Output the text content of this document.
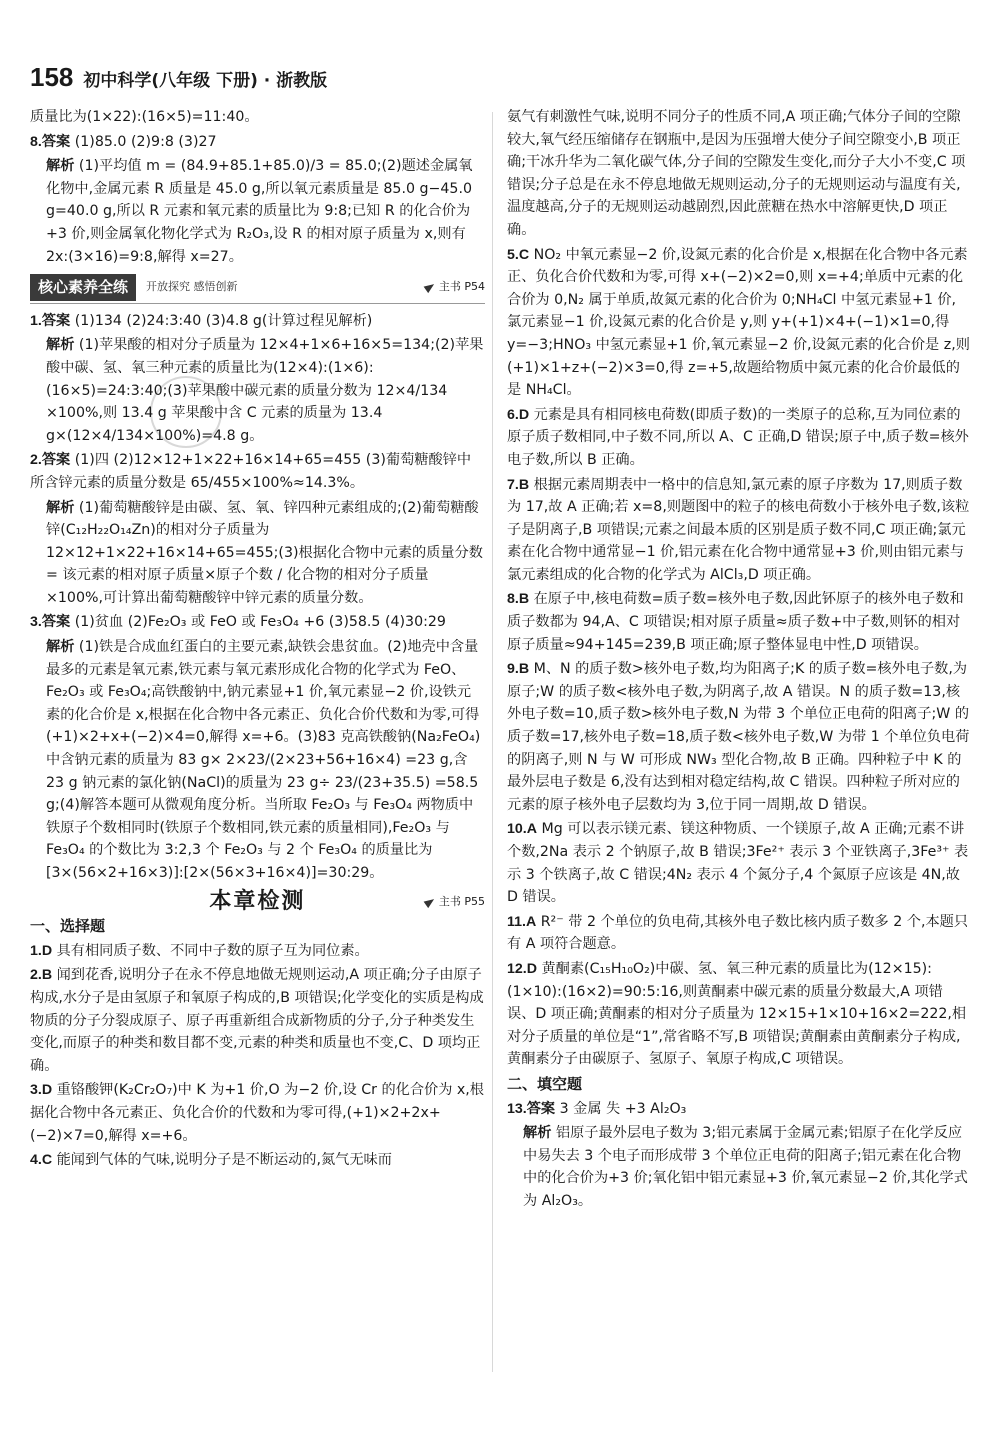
158 初中科学(八年级 下册) · 浙教版

质量比为(1×22):(16×5)=11:40。

8.答案 (1)85.0 (2)9:8 (3)27

解析 (1)平均值 m = (84.9+85.1+85.0)/3 = 85.0;(2)题述金属氧化物中,金属元素 R 质量是 45.0 g,所以氧元素质量是 85.0 g−45.0 g=40.0 g,所以 R 元素和氧元素的质量比为 9:8;已知 R 的化合价为+3 价,则金属氧化物化学式为 R₂O₃,设 R 的相对原子质量为 x,则有 2x:(3×16)=9:8,解得 x=27。

核心素养全练	开放探究 感悟创新	主书 P54

1.答案 (1)134 (2)24:3:40 (3)4.8 g(计算过程见解析)

解析 (1)苹果酸的相对分子质量为 12×4+1×6+16×5=134;(2)苹果酸中碳、氢、氧三种元素的质量比为(12×4):(1×6):(16×5)=24:3:40;(3)苹果酸中碳元素的质量分数为 12×4/134 ×100%,则 13.4 g 苹果酸中含 C 元素的质量为 13.4 g×(12×4/134×100%)=4.8 g。

2.答案 (1)四 (2)12×12+1×22+16×14+65=455 (3)葡萄糖酸锌中所含锌元素的质量分数是 65/455×100%≈14.3%。

解析 (1)葡萄糖酸锌是由碳、氢、氧、锌四种元素组成的;(2)葡萄糖酸锌(C₁₂H₂₂O₁₄Zn)的相对分子质量为 12×12+1×22+16×14+65=455;(3)根据化合物中元素的质量分数 = 该元素的相对原子质量×原子个数 / 化合物的相对分子质量 ×100%,可计算出葡萄糖酸锌中锌元素的质量分数。

3.答案 (1)贫血 (2)Fe₂O₃ 或 FeO 或 Fe₃O₄ +6 (3)58.5 (4)30:29

解析 (1)铁是合成血红蛋白的主要元素,缺铁会患贫血。(2)地壳中含量最多的元素是氧元素,铁元素与氧元素形成化合物的化学式为 FeO、Fe₂O₃ 或 Fe₃O₄;高铁酸钠中,钠元素显+1 价,氧元素显−2 价,设铁元素的化合价是 x,根据在化合物中各元素正、负化合价代数和为零,可得(+1)×2+x+(−2)×4=0,解得 x=+6。(3)83 克高铁酸钠(Na₂FeO₄)中含钠元素的质量为 83 g× 2×23/(2×23+56+16×4) =23 g,含 23 g 钠元素的氯化钠(NaCl)的质量为 23 g÷ 23/(23+35.5) =58.5 g;(4)解答本题可从微观角度分析。当所取 Fe₂O₃ 与 Fe₃O₄ 两物质中铁原子个数相同时(铁原子个数相同,铁元素的质量相同),Fe₂O₃ 与 Fe₃O₄ 的个数比为 3:2,3 个 Fe₂O₃ 与 2 个 Fe₃O₄ 的质量比为[3×(56×2+16×3)]:[2×(56×3+16×4)]=30:29。

本章检测	主书 P55

一、选择题

1.D 具有相同质子数、不同中子数的原子互为同位素。

2.B 闻到花香,说明分子在永不停息地做无规则运动,A 项正确;分子由原子构成,水分子是由氢原子和氧原子构成的,B 项错误;化学变化的实质是构成物质的分子分裂成原子、原子再重新组合成新物质的分子,分子种类发生变化,而原子的种类和数目都不变,元素的种类和质量也不变,C、D 项均正确。

3.D 重铬酸钾(K₂Cr₂O₇)中 K 为+1 价,O 为−2 价,设 Cr 的化合价为 x,根据化合物中各元素正、负化合价的代数和为零可得,(+1)×2+2x+(−2)×7=0,解得 x=+6。

4.C 能闻到气体的气味,说明分子是不断运动的,氮气无味而

氨气有刺激性气味,说明不同分子的性质不同,A 项正确;气体分子间的空隙较大,氧气经压缩储存在钢瓶中,是因为压强增大使分子间空隙变小,B 项正确;干冰升华为二氧化碳气体,分子间的空隙发生变化,而分子大小不变,C 项错误;分子总是在永不停息地做无规则运动,分子的无规则运动与温度有关,温度越高,分子的无规则运动越剧烈,因此蔗糖在热水中溶解更快,D 项正确。

5.C NO₂ 中氧元素显−2 价,设氮元素的化合价是 x,根据在化合物中各元素正、负化合价代数和为零,可得 x+(−2)×2=0,则 x=+4;单质中元素的化合价为 0,N₂ 属于单质,故氮元素的化合价为 0;NH₄Cl 中氢元素显+1 价,氯元素显−1 价,设氮元素的化合价是 y,则 y+(+1)×4+(−1)×1=0,得 y=−3;HNO₃ 中氢元素显+1 价,氧元素显−2 价,设氮元素的化合价是 z,则(+1)×1+z+(−2)×3=0,得 z=+5,故题给物质中氮元素的化合价最低的是 NH₄Cl。

6.D 元素是具有相同核电荷数(即质子数)的一类原子的总称,互为同位素的原子质子数相同,中子数不同,所以 A、C 正确,D 错误;原子中,质子数=核外电子数,所以 B 正确。

7.B 根据元素周期表中一格中的信息知,氯元素的原子序数为 17,则质子数为 17,故 A 正确;若 x=8,则题图中的粒子的核电荷数小于核外电子数,该粒子是阴离子,B 项错误;元素之间最本质的区别是质子数不同,C 项正确;氯元素在化合物中通常显−1 价,铝元素在化合物中通常显+3 价,则由铝元素与氯元素组成的化合物的化学式为 AlCl₃,D 项正确。

8.B 在原子中,核电荷数=质子数=核外电子数,因此钚原子的核外电子数和质子数都为 94,A、C 项错误;相对原子质量≈质子数+中子数,则钚的相对原子质量≈94+145=239,B 项正确;原子整体显电中性,D 项错误。

9.B M、N 的质子数>核外电子数,均为阳离子;K 的质子数=核外电子数,为原子;W 的质子数<核外电子数,为阴离子,故 A 错误。N 的质子数=13,核外电子数=10,质子数>核外电子数,N 为带 3 个单位正电荷的阳离子;W 的质子数=17,核外电子数=18,质子数<核外电子数,W 为带 1 个单位负电荷的阴离子,则 N 与 W 可形成 NW₃ 型化合物,故 B 正确。四种粒子中 K 的最外层电子数是 6,没有达到相对稳定结构,故 C 错误。四种粒子所对应的元素的原子核外电子层数均为 3,位于同一周期,故 D 错误。

10.A Mg 可以表示镁元素、镁这种物质、一个镁原子,故 A 正确;元素不讲个数,2Na 表示 2 个钠原子,故 B 错误;3Fe²⁺ 表示 3 个亚铁离子,3Fe³⁺ 表示 3 个铁离子,故 C 错误;4N₂ 表示 4 个氮分子,4 个氮原子应该是 4N,故 D 错误。

11.A R²⁻ 带 2 个单位的负电荷,其核外电子数比核内质子数多 2 个,本题只有 A 项符合题意。

12.D 黄酮素(C₁₅H₁₀O₂)中碳、氢、氧三种元素的质量比为(12×15):(1×10):(16×2)=90:5:16,则黄酮素中碳元素的质量分数最大,A 项错误、D 项正确;黄酮素的相对分子质量为 12×15+1×10+16×2=222,相对分子质量的单位是“1”,常省略不写,B 项错误;黄酮素由黄酮素分子构成,黄酮素分子由碳原子、氢原子、氧原子构成,C 项错误。

二、填空题

13.答案 3 金属 失 +3 Al₂O₃

解析 铝原子最外层电子数为 3;铝元素属于金属元素;铝原子在化学反应中易失去 3 个电子而形成带 3 个单位正电荷的阳离子;铝元素在化合物中的化合价为+3 价;氧化铝中铝元素显+3 价,氧元素显−2 价,其化学式为 Al₂O₃。
